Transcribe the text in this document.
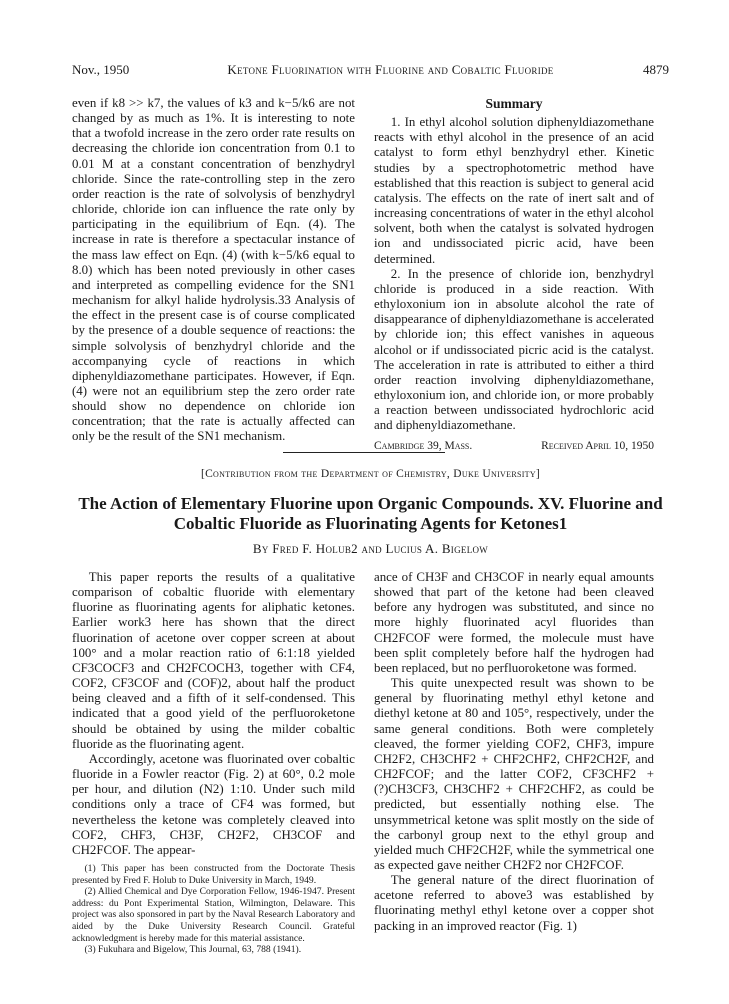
Nov., 1950	Ketone Fluorination with Fluorine and Cobaltic Fluoride	4879

even if k8 >> k7, the values of k3 and k−5/k6 are not changed by as much as 1%. It is interesting to note that a twofold increase in the zero order rate results on decreasing the chloride ion concentration from 0.1 to 0.01 M at a constant concentration of benzhydryl chloride. Since the rate-controlling step in the zero order reaction is the rate of solvolysis of benzhydryl chloride, chloride ion can influence the rate only by participating in the equilibrium of Eqn. (4). The increase in rate is therefore a spectacular instance of the mass law effect on Eqn. (4) (with k−5/k6 equal to 8.0) which has been noted previously in other cases and interpreted as compelling evidence for the SN1 mechanism for alkyl halide hydrolysis.33 Analysis of the effect in the present case is of course complicated by the presence of a double sequence of reactions: the simple solvolysis of benzhydryl chloride and the accompanying cycle of reactions in which diphenyldiazomethane participates. However, if Eqn. (4) were not an equilibrium step the zero order rate should show no dependence on chloride ion concentration; that the rate is actually affected can only be the result of the SN1 mechanism.

Summary

1. In ethyl alcohol solution diphenyldiazomethane reacts with ethyl alcohol in the presence of an acid catalyst to form ethyl benzhydryl ether. Kinetic studies by a spectrophotometric method have established that this reaction is subject to general acid catalysis. The effects on the rate of inert salt and of increasing concentrations of water in the ethyl alcohol solvent, both when the catalyst is solvated hydrogen ion and undissociated picric acid, have been determined.

2. In the presence of chloride ion, benzhydryl chloride is produced in a side reaction. With ethyloxonium ion in absolute alcohol the rate of disappearance of diphenyldiazomethane is accelerated by chloride ion; this effect vanishes in aqueous alcohol or if undissociated picric acid is the catalyst. The acceleration in rate is attributed to either a third order reaction involving diphenyldiazomethane, ethyloxonium ion, and chloride ion, or more probably a reaction between undissociated hydrochloric acid and diphenyldiazomethane.

Cambridge 39, Mass.	Received April 10, 1950
[Contribution from the Department of Chemistry, Duke University]
The Action of Elementary Fluorine upon Organic Compounds. XV. Fluorine and
Cobaltic Fluoride as Fluorinating Agents for Ketones1
By Fred F. Holub2 and Lucius A. Bigelow

This paper reports the results of a qualitative comparison of cobaltic fluoride with elementary fluorine as fluorinating agents for aliphatic ketones. Earlier work3 here has shown that the direct fluorination of acetone over copper screen at about 100° and a molar reaction ratio of 6:1:18 yielded CF3COCF3 and CH2FCOCH3, together with CF4, COF2, CF3COF and (COF)2, about half the product being cleaved and a fifth of it self-condensed. This indicated that a good yield of the perfluoroketone should be obtained by using the milder cobaltic fluoride as the fluorinating agent.

Accordingly, acetone was fluorinated over cobaltic fluoride in a Fowler reactor (Fig. 2) at 60°, 0.2 mole per hour, and dilution (N2) 1:10. Under such mild conditions only a trace of CF4 was formed, but nevertheless the ketone was completely cleaved into COF2, CHF3, CH3F, CH2F2, CH3COF and CH2FCOF. The appear-

(1) This paper has been constructed from the Doctorate Thesis presented by Fred F. Holub to Duke University in March, 1949.

(2) Allied Chemical and Dye Corporation Fellow, 1946-1947. Present address: du Pont Experimental Station, Wilmington, Delaware. This project was also sponsored in part by the Naval Research Laboratory and aided by the Duke University Research Council. Grateful acknowledgment is hereby made for this material assistance.

(3) Fukuhara and Bigelow, This Journal, 63, 788 (1941).

ance of CH3F and CH3COF in nearly equal amounts showed that part of the ketone had been cleaved before any hydrogen was substituted, and since no more highly fluorinated acyl fluorides than CH2FCOF were formed, the molecule must have been split completely before half the hydrogen had been replaced, but no perfluoroketone was formed.

This quite unexpected result was shown to be general by fluorinating methyl ethyl ketone and diethyl ketone at 80 and 105°, respectively, under the same general conditions. Both were completely cleaved, the former yielding COF2, CHF3, impure CH2F2, CH3CHF2 + CHF2CHF2, CHF2CH2F, and CH2FCOF; and the latter COF2, CF3CHF2 + (?)CH3CF3, CH3CHF2 + CHF2CHF2, as could be predicted, but essentially nothing else. The unsymmetrical ketone was split mostly on the side of the carbonyl group next to the ethyl group and yielded much CHF2CH2F, while the symmetrical one as expected gave neither CH2F2 nor CH2FCOF.

The general nature of the direct fluorination of acetone referred to above3 was established by fluorinating methyl ethyl ketone over a copper shot packing in an improved reactor (Fig. 1)
